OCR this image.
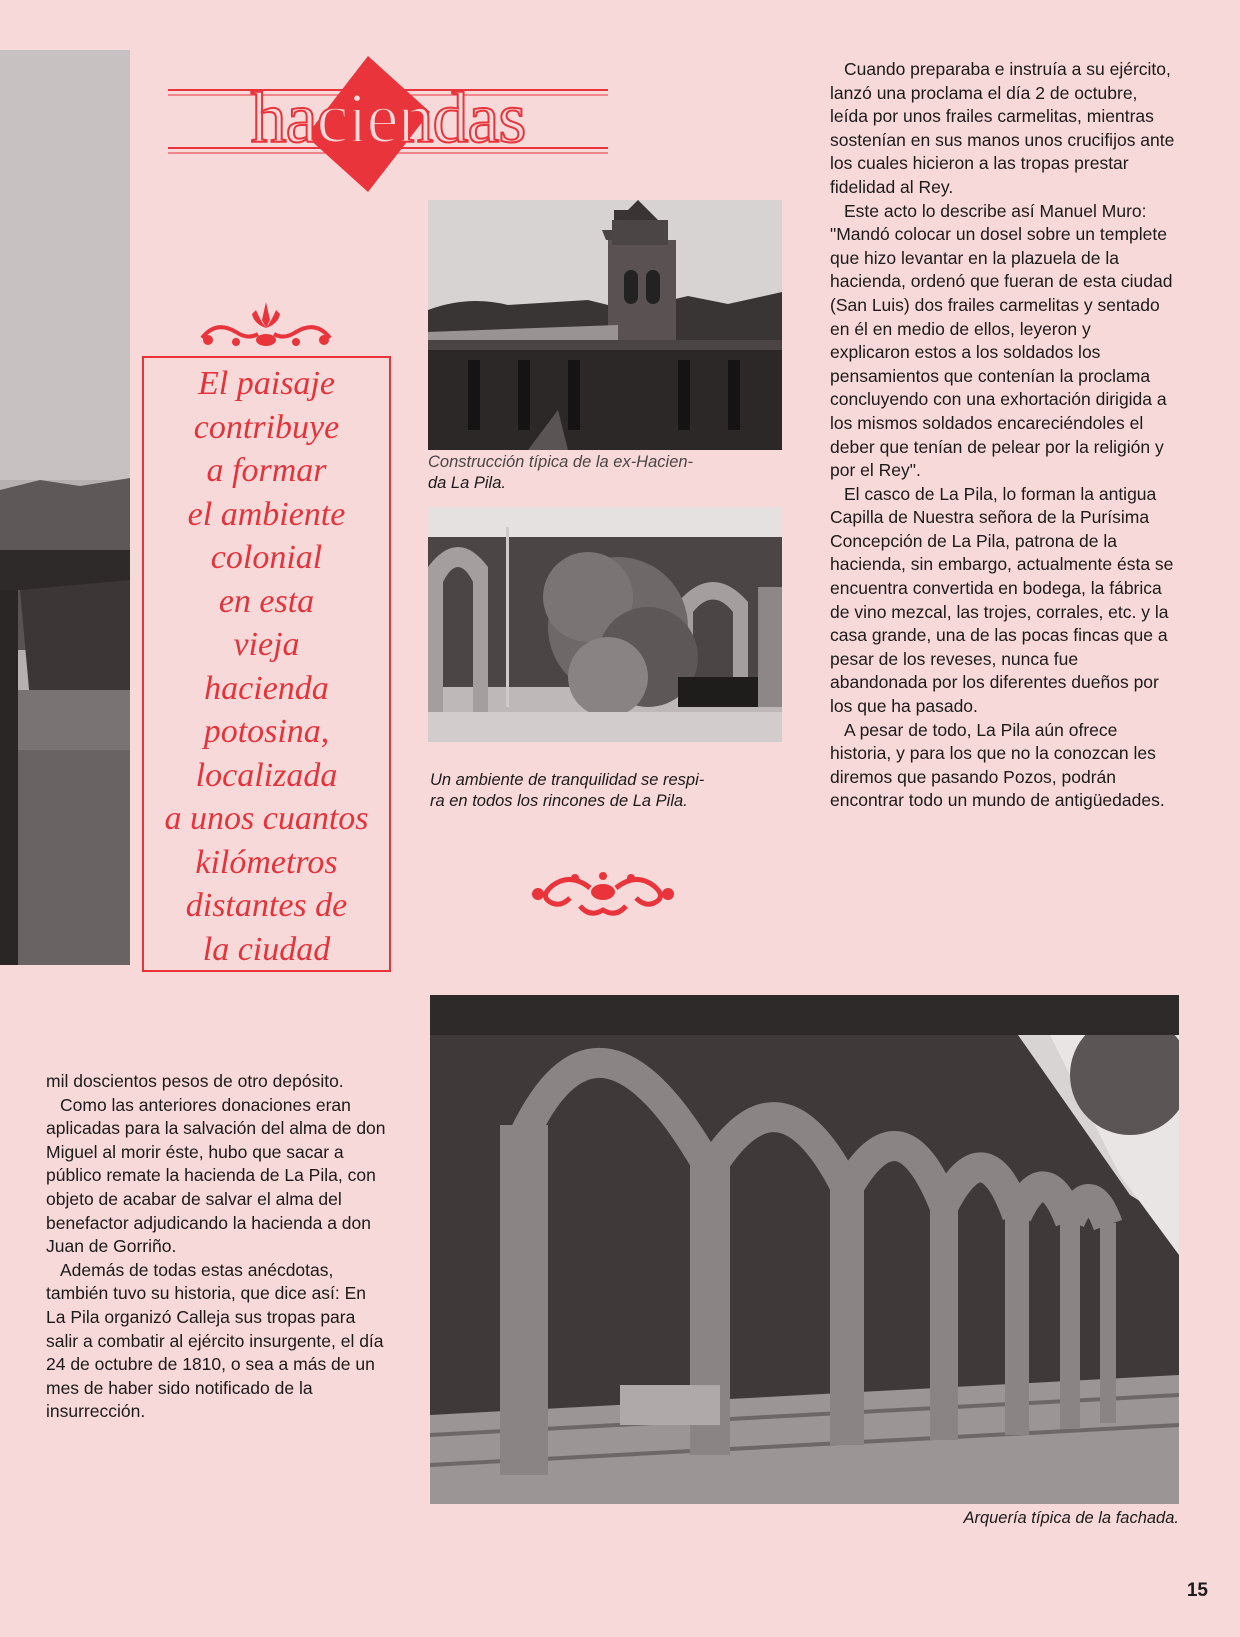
haciendas
El paisaje
contribuye
a formar
el ambiente
colonial
en esta
vieja
hacienda
potosina,
localizada
a unos cuantos
kilómetros
distantes de
la ciudad

Construcción típica de la ex-Hacien-

da La Pila.

Un ambiente de tranquilidad se respi-

ra en todos los rincones de La Pila.

Cuando preparaba e instruía a su ejército, lanzó una proclama el día 2 de octubre, leída por unos frailes carmelitas, mientras sostenían en sus manos unos crucifijos ante los cuales hicieron a las tropas prestar fidelidad al Rey.

Este acto lo describe así Manuel Muro: "Mandó colocar un dosel sobre un templete que hizo levantar en la plazuela de la hacienda, ordenó que fueran de esta ciudad (San Luis) dos frailes carmelitas y sentado en él en medio de ellos, leyeron y explicaron estos a los soldados los pensamientos que contenían la proclama concluyendo con una exhortación dirigida a los mismos soldados encareciéndoles el deber que tenían de pelear por la religión y por el Rey".

El casco de La Pila, lo forman la antigua Capilla de Nuestra señora de la Purísima Concepción de La Pila, patrona de la hacienda, sin embargo, actualmente ésta se encuentra convertida en bodega, la fábrica de vino mezcal, las trojes, corrales, etc. y la casa grande, una de las pocas fincas que a pesar de los reveses, nunca fue abandonada por los diferentes dueños por los que ha pasado.

A pesar de todo, La Pila aún ofrece historia, y para los que no la conozcan les diremos que pasando Pozos, podrán encontrar todo un mundo de antigüedades.

mil doscientos pesos de otro depósito.

Como las anteriores donaciones eran aplicadas para la salvación del alma de don Miguel al morir éste, hubo que sacar a público remate la hacienda de La Pila, con objeto de acabar de salvar el alma del benefactor adjudicando la hacienda a don Juan de Gorriño.

Además de todas estas anécdotas, también tuvo su historia, que dice así: En La Pila organizó Calleja sus tropas para salir a combatir al ejército insurgente, el día 24 de octubre de 1810, o sea a más de un mes de haber sido notificado de la insurrección.

Arquería típica de la fachada.

15
